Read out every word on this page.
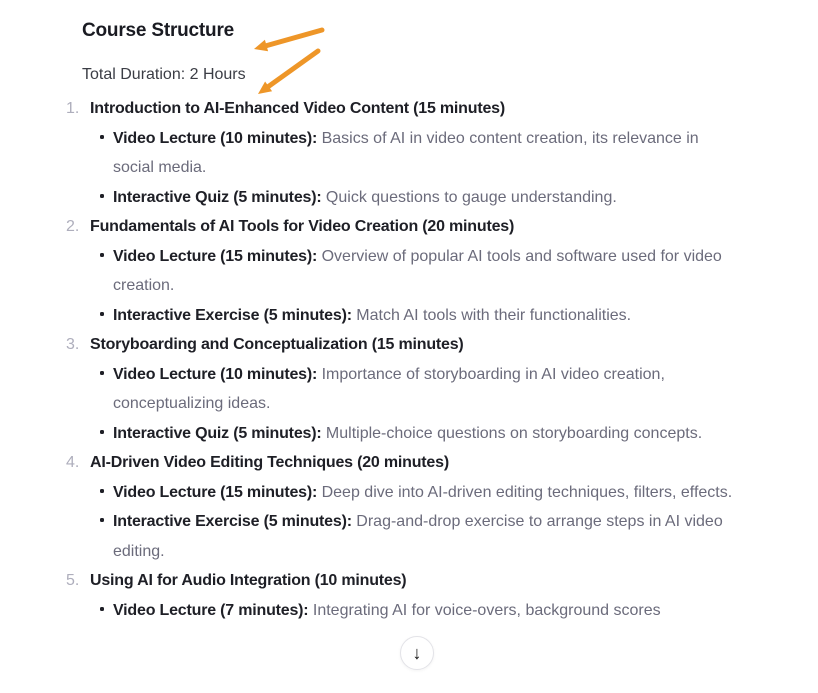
Course Structure
Total Duration: 2 Hours
1. Introduction to AI-Enhanced Video Content (15 minutes)
Video Lecture (10 minutes): Basics of AI in video content creation, its relevance in social media.
Interactive Quiz (5 minutes): Quick questions to gauge understanding.
2. Fundamentals of AI Tools for Video Creation (20 minutes)
Video Lecture (15 minutes): Overview of popular AI tools and software used for video creation.
Interactive Exercise (5 minutes): Match AI tools with their functionalities.
3. Storyboarding and Conceptualization (15 minutes)
Video Lecture (10 minutes): Importance of storyboarding in AI video creation, conceptualizing ideas.
Interactive Quiz (5 minutes): Multiple-choice questions on storyboarding concepts.
4. AI-Driven Video Editing Techniques (20 minutes)
Video Lecture (15 minutes): Deep dive into AI-driven editing techniques, filters, effects.
Interactive Exercise (5 minutes): Drag-and-drop exercise to arrange steps in AI video editing.
5. Using AI for Audio Integration (10 minutes)
Video Lecture (7 minutes): Integrating AI for voice-overs, background scores
↓
